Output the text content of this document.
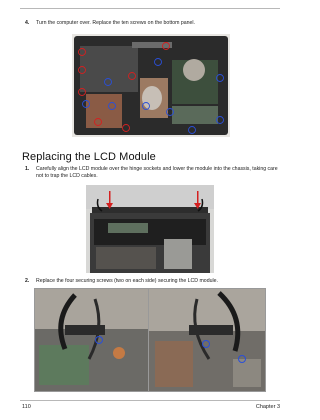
4. Turn the computer over. Replace the ten screws on the bottom panel.
Replacing the LCD Module
1. Carefully align the LCD module over the hinge sockets and lower the module into the chassis, taking care not to trap the LCD cables.
2. Replace the four securing screws (two on each side) securing the LCD module.
110	Chapter 3
